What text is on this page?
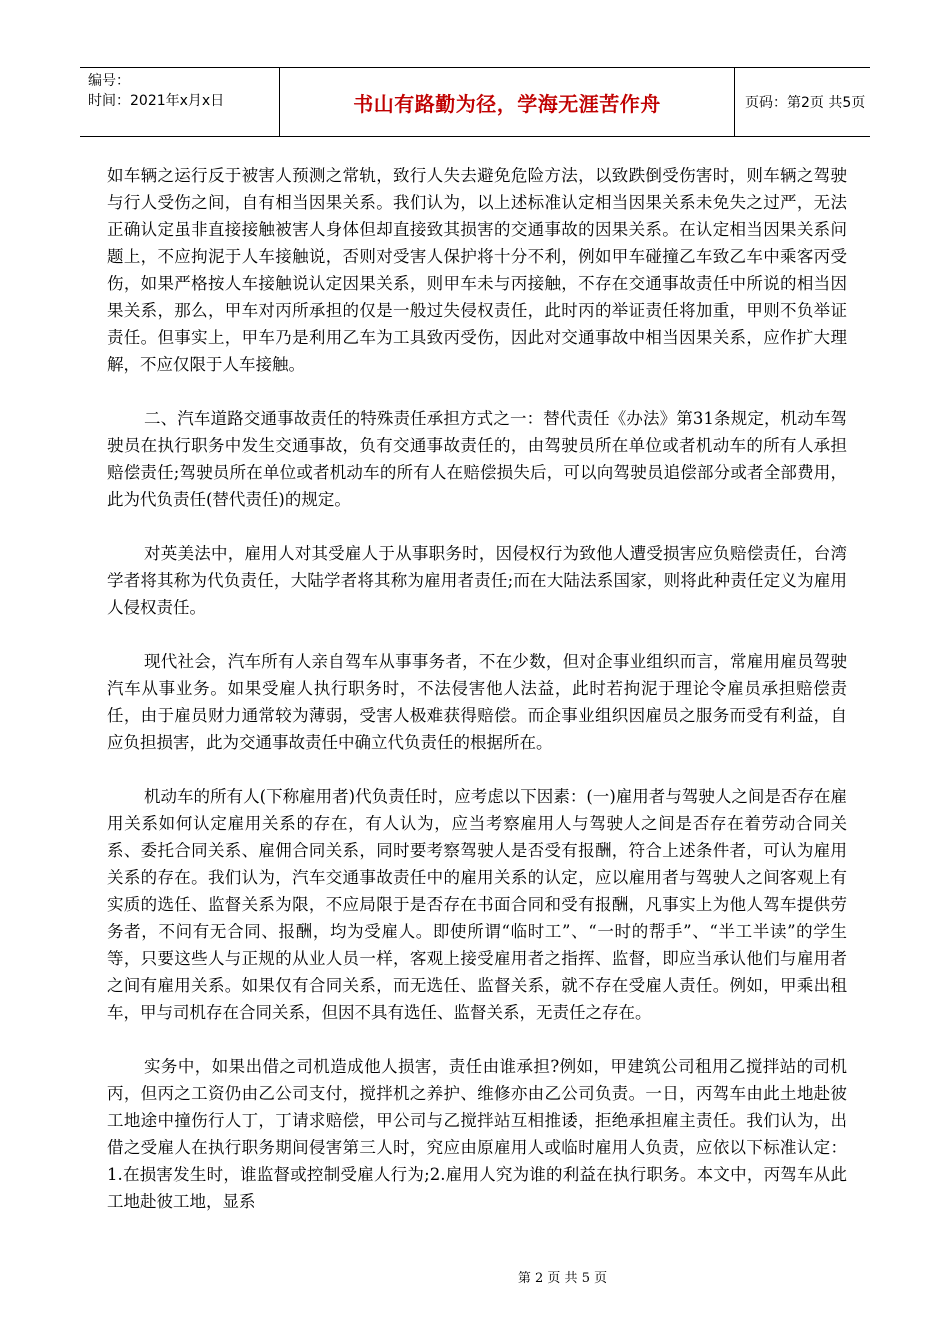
编号：
时间：2021年x月x日	书山有路勤为径，学海无涯苦作舟	页码：第2页 共5页

如车辆之运行反于被害人预测之常轨，致行人失去避免危险方法，以致跌倒受伤害时，则车辆之驾驶与行人受伤之间，自有相当因果关系。我们认为，以上述标准认定相当因果关系未免失之过严，无法正确认定虽非直接接触被害人身体但却直接致其损害的交通事故的因果关系。在认定相当因果关系问题上，不应拘泥于人车接触说，否则对受害人保护将十分不利，例如甲车碰撞乙车致乙车中乘客丙受伤，如果严格按人车接触说认定因果关系，则甲车未与丙接触，不存在交通事故责任中所说的相当因果关系，那么，甲车对丙所承担的仅是一般过失侵权责任，此时丙的举证责任将加重，甲则不负举证责任。但事实上，甲车乃是利用乙车为工具致丙受伤，因此对交通事故中相当因果关系，应作扩大理解，不应仅限于人车接触。

二、汽车道路交通事故责任的特殊责任承担方式之一：替代责任《办法》第31条规定，机动车驾驶员在执行职务中发生交通事故，负有交通事故责任的，由驾驶员所在单位或者机动车的所有人承担赔偿责任;驾驶员所在单位或者机动车的所有人在赔偿损失后，可以向驾驶员追偿部分或者全部费用，此为代负责任(替代责任)的规定。

对英美法中，雇用人对其受雇人于从事职务时，因侵权行为致他人遭受损害应负赔偿责任，台湾学者将其称为代负责任，大陆学者将其称为雇用者责任;而在大陆法系国家，则将此种责任定义为雇用人侵权责任。

现代社会，汽车所有人亲自驾车从事事务者，不在少数，但对企事业组织而言，常雇用雇员驾驶汽车从事业务。如果受雇人执行职务时，不法侵害他人法益，此时若拘泥于理论令雇员承担赔偿责任，由于雇员财力通常较为薄弱，受害人极难获得赔偿。而企事业组织因雇员之服务而受有利益，自应负担损害，此为交通事故责任中确立代负责任的根据所在。

机动车的所有人(下称雇用者)代负责任时，应考虑以下因素：(一)雇用者与驾驶人之间是否存在雇用关系如何认定雇用关系的存在，有人认为，应当考察雇用人与驾驶人之间是否存在着劳动合同关系、委托合同关系、雇佣合同关系，同时要考察驾驶人是否受有报酬，符合上述条件者，可认为雇用关系的存在。我们认为，汽车交通事故责任中的雇用关系的认定，应以雇用者与驾驶人之间客观上有实质的选任、监督关系为限，不应局限于是否存在书面合同和受有报酬，凡事实上为他人驾车提供劳务者，不问有无合同、报酬，均为受雇人。即使所谓“临时工”、“一时的帮手”、“半工半读”的学生等，只要这些人与正规的从业人员一样，客观上接受雇用者之指挥、监督，即应当承认他们与雇用者之间有雇用关系。如果仅有合同关系，而无选任、监督关系，就不存在受雇人责任。例如，甲乘出租车，甲与司机存在合同关系，但因不具有选任、监督关系，无责任之存在。

实务中，如果出借之司机造成他人损害，责任由谁承担?例如，甲建筑公司租用乙搅拌站的司机丙，但丙之工资仍由乙公司支付，搅拌机之养护、维修亦由乙公司负责。一日，丙驾车由此土地赴彼工地途中撞伤行人丁，丁请求赔偿，甲公司与乙搅拌站互相推诿，拒绝承担雇主责任。我们认为，出借之受雇人在执行职务期间侵害第三人时，究应由原雇用人或临时雇用人负责，应依以下标准认定：1.在损害发生时，谁监督或控制受雇人行为;2.雇用人究为谁的利益在执行职务。本文中，丙驾车从此工地赴彼工地，显系

第 2 页 共 5 页
